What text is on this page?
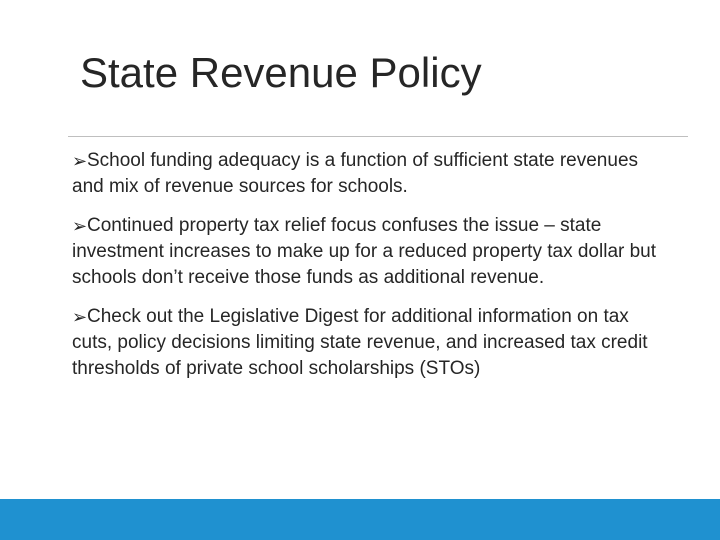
State Revenue Policy
➢School funding adequacy is a function of sufficient state revenues and mix of revenue sources for schools.
➢Continued property tax relief focus confuses the issue – state investment increases to make up for a reduced property tax dollar but schools don’t receive those funds as additional revenue.
➢Check out the Legislative Digest for additional information on tax cuts, policy decisions limiting state revenue, and increased tax credit thresholds of private school scholarships (STOs)
